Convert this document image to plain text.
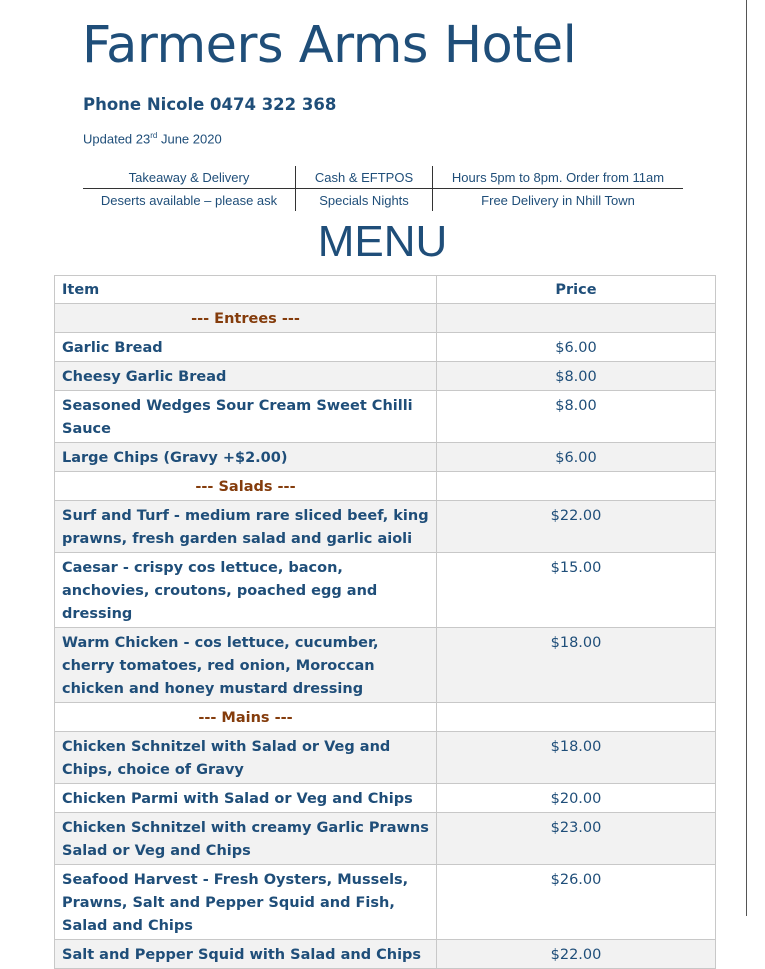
Farmers Arms Hotel
Phone Nicole 0474 322 368
Updated 23rd June 2020
Takeaway & Delivery	Cash & EFTPOS	Hours 5pm to 8pm. Order from 11am
Deserts available – please ask	Specials Nights	Free Delivery in Nhill Town
MENU
Item	Price
--- Entrees ---	
Garlic Bread	$6.00
Cheesy Garlic Bread	$8.00
Seasoned Wedges Sour Cream Sweet Chilli Sauce	$8.00
Large Chips (Gravy +$2.00)	$6.00
--- Salads ---	
Surf and Turf - medium rare sliced beef, king prawns, fresh garden salad and garlic aioli	$22.00
Caesar - crispy cos lettuce, bacon, anchovies, croutons, poached egg and dressing	$15.00
Warm Chicken - cos lettuce, cucumber, cherry tomatoes, red onion, Moroccan chicken and honey mustard dressing	$18.00
--- Mains ---	
Chicken Schnitzel with Salad or Veg and Chips, choice of Gravy	$18.00
Chicken Parmi with Salad or Veg and Chips	$20.00
Chicken Schnitzel with creamy Garlic Prawns Salad or Veg and Chips	$23.00
Seafood Harvest - Fresh Oysters, Mussels, Prawns, Salt and Pepper Squid and Fish, Salad and Chips	$26.00
Salt and Pepper Squid with Salad and Chips	$22.00
